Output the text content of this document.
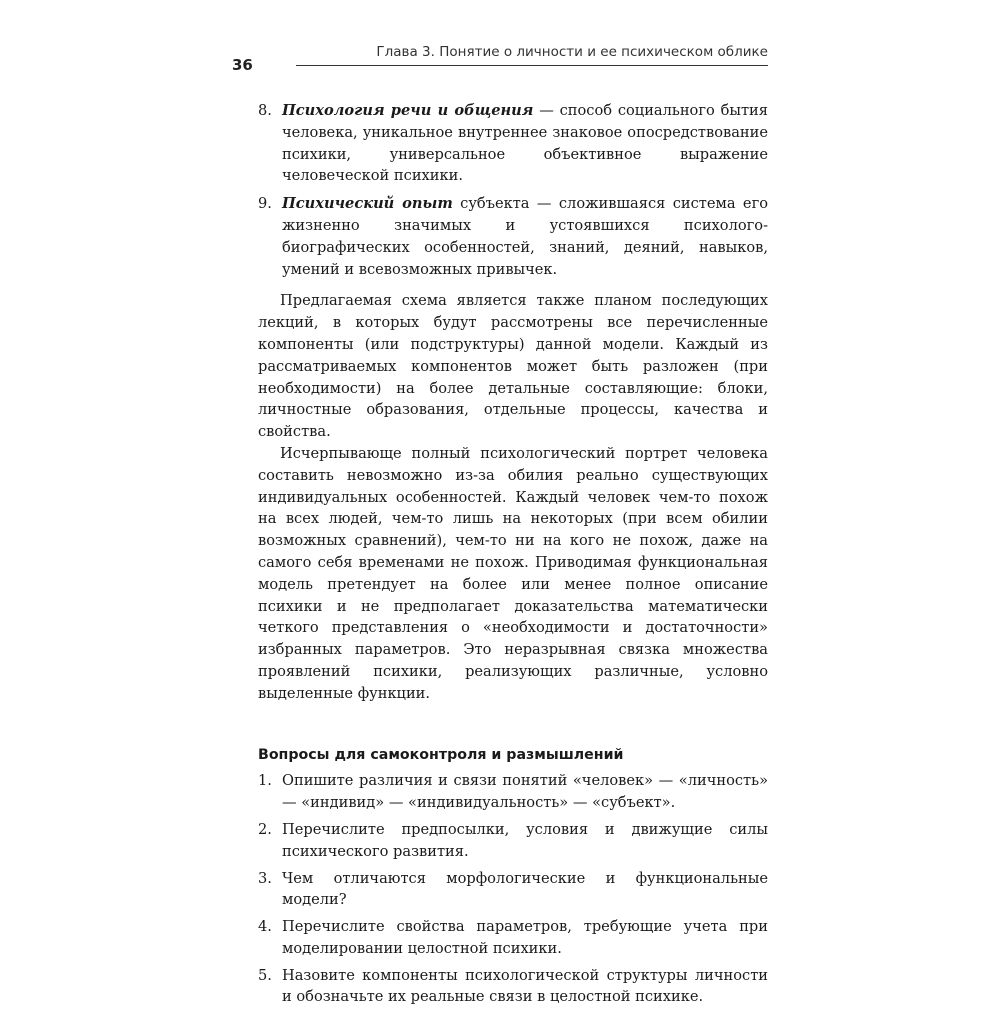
36
Глава 3. Понятие о личности и ее психическом облике
8. Психология речи и общения — способ социального бытия человека, уникальное внутреннее знаковое опосредствование психики, универсальное объективное выражение человеческой психики.
9. Психический опыт субъекта — сложившаяся система его жизненно значимых и устоявшихся психолого-биографических особенностей, знаний, деяний, навыков, умений и всевозможных привычек.

Предлагаемая схема является также планом последующих лекций, в которых будут рассмотрены все перечисленные компоненты (или подструктуры) данной модели. Каждый из рассматриваемых компонентов может быть разложен (при необходимости) на более детальные составляющие: блоки, личностные образования, отдельные процессы, качества и свойства.

Исчерпывающе полный психологический портрет человека составить невозможно из-за обилия реально существующих индивидуальных особенностей. Каждый человек чем-то похож на всех людей, чем-то лишь на некоторых (при всем обилии возможных сравнений), чем-то ни на кого не похож, даже на самого себя временами не похож. Приводимая функциональная модель претендует на более или менее полное описание психики и не предполагает доказательства математически четкого представления о «необходимости и достаточности» избранных параметров. Это неразрывная связка множества проявлений психики, реализующих различные, условно выделенные функции.

Вопросы для самоконтроля и размышлений
1. Опишите различия и связи понятий «человек» — «личность» — «индивид» — «индивидуальность» — «субъект».
2. Перечислите предпосылки, условия и движущие силы психического развития.
3. Чем отличаются морфологические и функциональные модели?
4. Перечислите свойства параметров, требующие учета при моделировании целостной психики.
5. Назовите компоненты психологической структуры личности и обозначьте их реальные связи в целостной психике.
